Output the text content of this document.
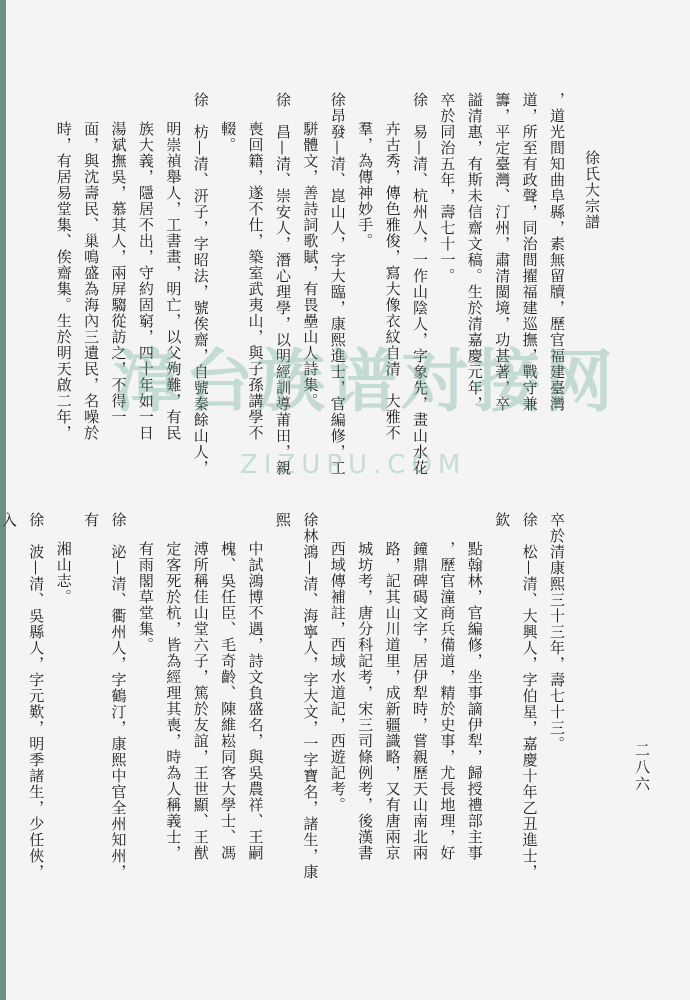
徐氏大宗譜
二八六
，道光間知曲阜縣，素無留牘，歷官福建臺灣
道，所至有政聲，同治間擢福建巡撫，戰守兼
籌，平定臺灣、汀州，肅清閩境，功甚著，卒
謚清惠，有斯未信齋文稿。生於清嘉慶元年，
卒於同治五年，壽七十一。
徐　易—清、杭州人，一作山陰人，字象先，畫山水花
卉古秀，傳色雅俊，寫大像衣紋自清　大雅不
羣，為傳神妙手。
徐昂發—清、崑山人，字大臨，康熙進士，官編修，工
駢體文，善詩詞歌賦，有畏壘山人詩集。
徐　昌—清、崇安人，潛心理學，以明經訓導莆田，親
喪回籍，遂不仕，築室武夷山，與子孫講學不
輟。
徐　枋—清、汧子，字昭法，號俟齋，自號秦餘山人，
明崇禎舉人，工書畫，明亡，以父殉難，有民
族大義，隱居不出，守約固窮，四十年如一日
湯斌撫吳，慕其人，兩屏騶從訪之，不得一
面，與沈壽民、巢鳴盛為海內三遺民，名噪於
時，有居易堂集、俟齋集。生於明天啟二年，
卒於清康熙三十三年，壽七十三。
徐　松—清、大興人，字伯星，嘉慶十年乙丑進士，欽
點翰林，官編修，坐事謫伊犁，歸授禮部主事
，歷官潼商兵備道，精於史事，尤長地理，好
鐘鼎碑碣文字，居伊犁時，嘗親歷天山南北兩
路，記其山川道里，成新疆識略，又有唐兩京
城坊考，唐分科記考，宋三司條例考，後漢書
西域傳補註，西域水道記，西遊記考。
徐林鴻—清、海寧人，字大文，一字寶名，諸生，康熙
中試鴻博不遇，詩文負盛名，與吳農祥、王嗣
槐、吳任臣、毛奇齡、陳維崧同客大學士、馮
溥所稱佳山堂六子，篤於友誼，王世顯、王猷
定客死於杭，皆為經理其喪，時為人稱義士，
有雨閣草堂集。
徐　泌—清、衢州人，字鶴汀，康熙中官全州知州，有
湘山志。
徐　波—清、吳縣人，字元歎，明季諸生，少任俠，入
漳台族谱对接网
ZIZUPU.COM
